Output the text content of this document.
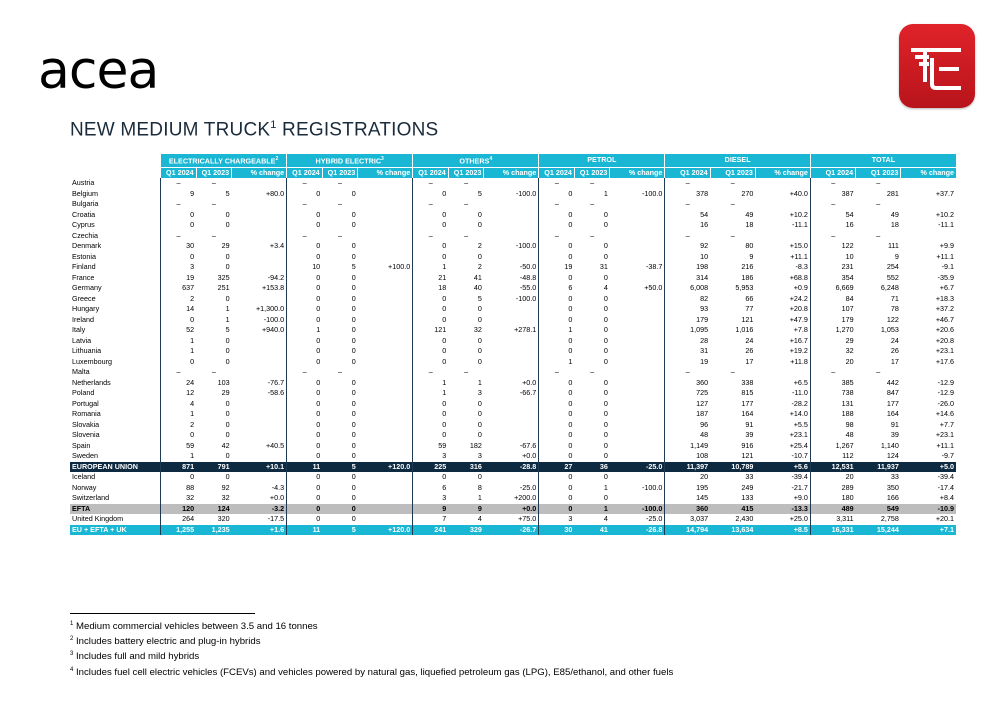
acea
NEW MEDIUM TRUCK$^1$ REGISTRATIONS
	ELECTRICALLY CHARGEABLE$^2$			HYBRID ELECTRIC$^3$			OTHERS$^4$			PETROL			DIESEL			TOTAL		
	Q1 2024	Q1 2023	% change	Q1 2024	Q1 2023	% change	Q1 2024	Q1 2023	% change	Q1 2024	Q1 2023	% change	Q1 2024	Q1 2023	% change	Q1 2024	Q1 2023	% change
Austria	–	–		–	–		–	–		–	–		–	–		–	–	
Belgium	9	5	+80.0	0	0		0	5	-100.0	0	1	-100.0	378	270	+40.0	387	281	+37.7
Bulgaria	–	–		–	–		–	–		–	–		–	–		–	–	
Croatia	0	0		0	0		0	0		0	0		54	49	+10.2	54	49	+10.2
Cyprus	0	0		0	0		0	0		0	0		16	18	-11.1	16	18	-11.1
Czechia	–	–		–	–		–	–		–	–		–	–		–	–	
Denmark	30	29	+3.4	0	0		0	2	-100.0	0	0		92	80	+15.0	122	111	+9.9
Estonia	0	0		0	0		0	0		0	0		10	9	+11.1	10	9	+11.1
Finland	3	0		10	5	+100.0	1	2	-50.0	19	31	-38.7	198	216	-8.3	231	254	-9.1
France	19	325	-94.2	0	0		21	41	-48.8	0	0		314	186	+68.8	354	552	-35.9
Germany	637	251	+153.8	0	0		18	40	-55.0	6	4	+50.0	6,008	5,953	+0.9	6,669	6,248	+6.7
Greece	2	0		0	0		0	5	-100.0	0	0		82	66	+24.2	84	71	+18.3
Hungary	14	1	+1,300.0	0	0		0	0		0	0		93	77	+20.8	107	78	+37.2
Ireland	0	1	-100.0	0	0		0	0		0	0		179	121	+47.9	179	122	+46.7
Italy	52	5	+940.0	1	0		121	32	+278.1	1	0		1,095	1,016	+7.8	1,270	1,053	+20.6
Latvia	1	0		0	0		0	0		0	0		28	24	+16.7	29	24	+20.8
Lithuania	1	0		0	0		0	0		0	0		31	26	+19.2	32	26	+23.1
Luxembourg	0	0		0	0		0	0		1	0		19	17	+11.8	20	17	+17.6
Malta	–	–		–	–		–	–		–	–		–	–		–	–	
Netherlands	24	103	-76.7	0	0		1	1	+0.0	0	0		360	338	+6.5	385	442	-12.9
Poland	12	29	-58.6	0	0		1	3	-66.7	0	0		725	815	-11.0	738	847	-12.9
Portugal	4	0		0	0		0	0		0	0		127	177	-28.2	131	177	-26.0
Romania	1	0		0	0		0	0		0	0		187	164	+14.0	188	164	+14.6
Slovakia	2	0		0	0		0	0		0	0		96	91	+5.5	98	91	+7.7
Slovenia	0	0		0	0		0	0		0	0		48	39	+23.1	48	39	+23.1
Spain	59	42	+40.5	0	0		59	182	-67.6	0	0		1,149	916	+25.4	1,267	1,140	+11.1
Sweden	1	0		0	0		3	3	+0.0	0	0		108	121	-10.7	112	124	-9.7
EUROPEAN UNION	871	791	+10.1	11	5	+120.0	225	316	-28.8	27	36	-25.0	11,397	10,789	+5.6	12,531	11,937	+5.0
Iceland	0	0		0	0		0	0		0	0		20	33	-39.4	20	33	-39.4
Norway	88	92	-4.3	0	0		6	8	-25.0	0	1	-100.0	195	249	-21.7	289	350	-17.4
Switzerland	32	32	+0.0	0	0		3	1	+200.0	0	0		145	133	+9.0	180	166	+8.4
EFTA	120	124	-3.2	0	0		9	9	+0.0	0	1	-100.0	360	415	-13.3	489	549	-10.9
United Kingdom	264	320	-17.5	0	0		7	4	+75.0	3	4	-25.0	3,037	2,430	+25.0	3,311	2,758	+20.1
EU + EFTA + UK	1,255	1,235	+1.6	11	5	+120.0	241	329	-26.7	30	41	-26.8	14,794	13,634	+8.5	16,331	15,244	+7.1
$^1$ Medium commercial vehicles between 3.5 and 16 tonnes
$^2$ Includes battery electric and plug-in hybrids
$^3$ Includes full and mild hybrids
$^4$ Includes fuel cell electric vehicles (FCEVs) and vehicles powered by natural gas, liquefied petroleum gas (LPG), E85/ethanol, and other fuels
